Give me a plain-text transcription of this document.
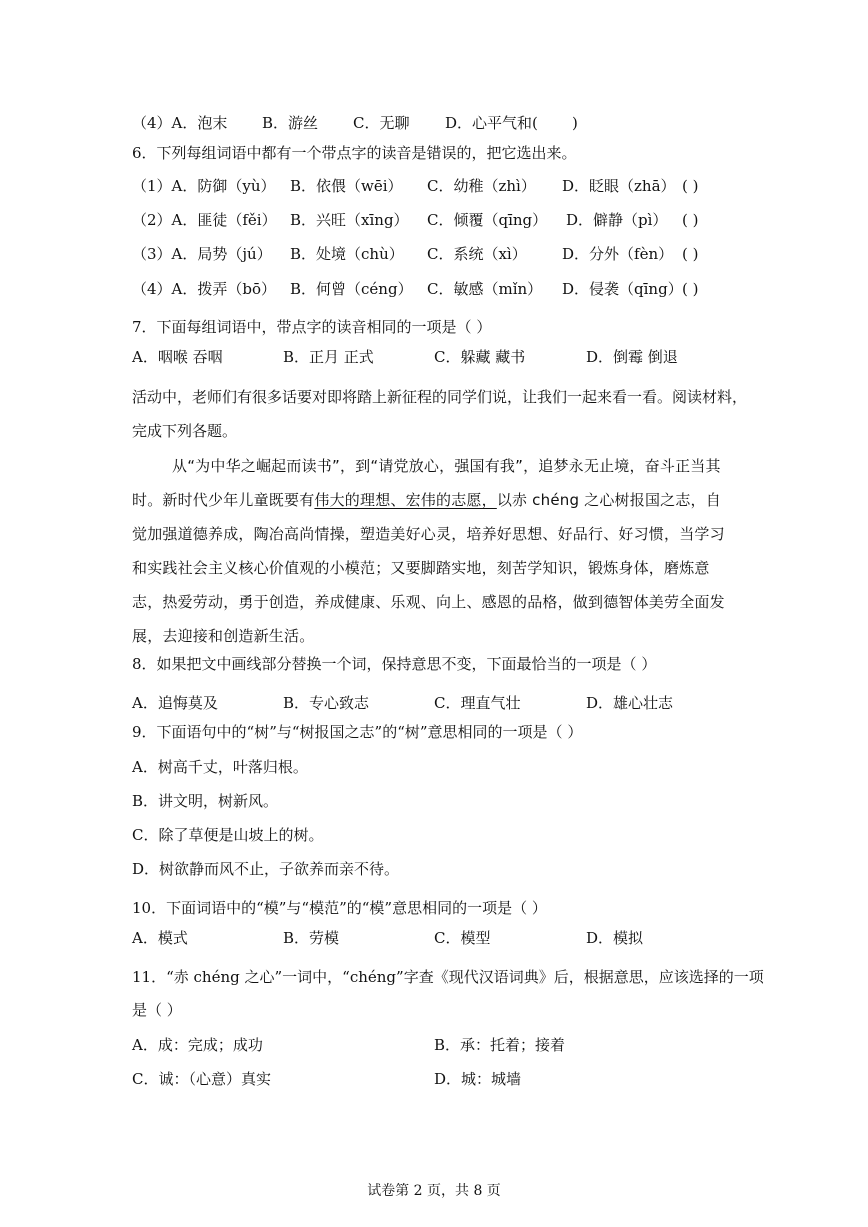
（4）A．泡末 B．游丝 C．无聊 D．心平气和( )
6．下列每组词语中都有一个带点字的读音是错误的，把它选出来。
（1）A．防御（yù） B．依偎（wēi） C．幼稚（zhì） D．眨眼（zhā） ( )
（2）A．匪徒（fěi） B．兴旺（xīng） C．倾覆（qīng） D．僻静（pì） ( )
（3）A．局势（jú） B．处境（chù） C．系统（xì） D．分外（fèn） ( )
（4）A．拨弄（bō） B．何曾（céng） C．敏感（mǐn） D．侵袭（qīng） ( )
7．下面每组词语中，带点字的读音相同的一项是（ ）
A．咽喉 吞咽	B．正月 正式	C．躲藏 藏书	D．倒霉 倒退
活动中，老师们有很多话要对即将踏上新征程的同学们说，让我们一起来看一看。阅读材料，
完成下列各题。
从“为中华之崛起而读书”，到“请党放心，强国有我”，追梦永无止境，奋斗正当其时。新时代少年儿童既要有伟大的理想、宏伟的志愿，以赤 chéng 之心树报国之志，自觉加强道德养成，陶冶高尚情操，塑造美好心灵，培养好思想、好品行、好习惯，当学习和实践社会主义核心价值观的小模范；又要脚踏实地，刻苦学知识，锻炼身体，磨炼意志，热爱劳动，勇于创造，养成健康、乐观、向上、感恩的品格，做到德智体美劳全面发展，去迎接和创造新生活。
8．如果把文中画线部分替换一个词，保持意思不变，下面最恰当的一项是（ ）
A．追悔莫及	B．专心致志	C．理直气壮	D．雄心壮志
9．下面语句中的“树”与“树报国之志”的“树”意思相同的一项是（ ）
A．树高千丈，叶落归根。
B．讲文明，树新风。
C．除了草便是山坡上的树。
D．树欲静而风不止，子欲养而亲不待。
10．下面词语中的“模”与“模范”的“模”意思相同的一项是（ ）
A．模式	B．劳模	C．模型	D．模拟
11．“赤 chéng 之心”一词中，“chéng”字查《现代汉语词典》后，根据意思，应该选择的一项
是（ ）
A．成：完成；成功	B．承：托着；接着
C．诚：（心意）真实	D．城：城墙
试卷第 2 页，共 8 页
